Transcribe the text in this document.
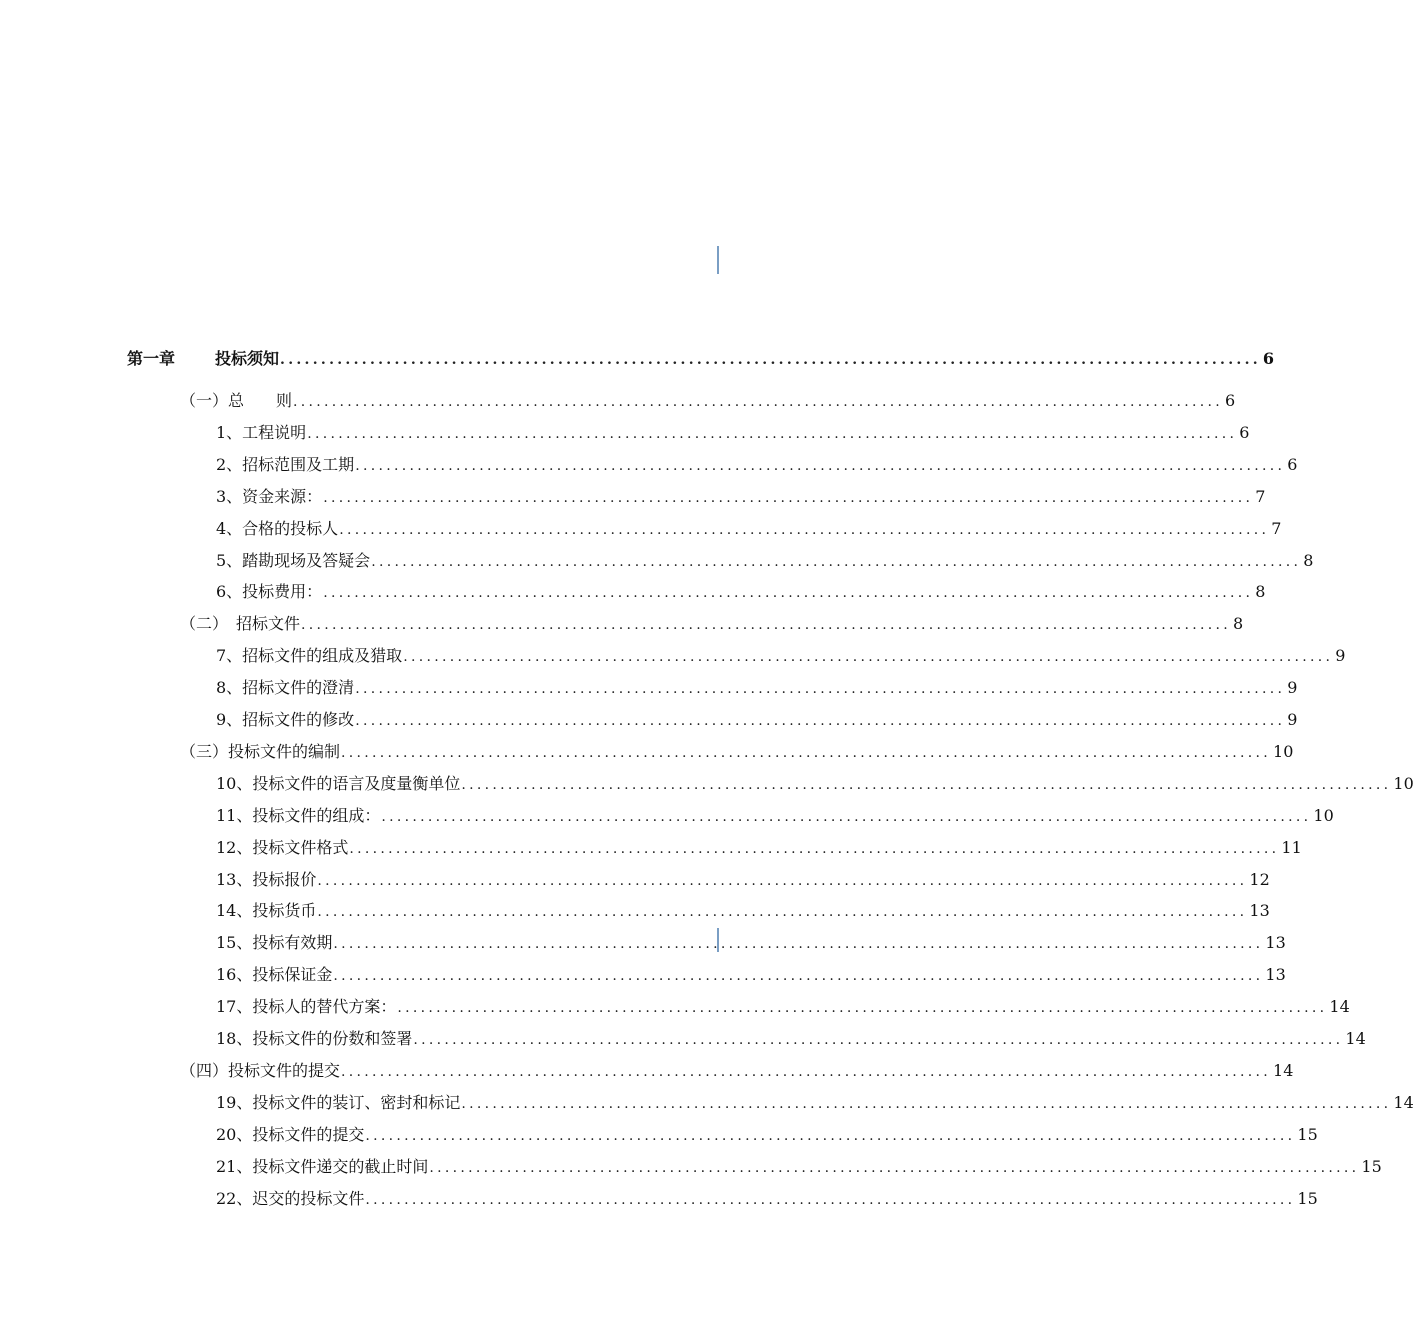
第一章	投标须知 ........................................................................................................................ 6
（一）总　　则 ........................................................................................................................ 6
1、工程说明 ........................................................................................................................ 6
2、招标范围及工期 ........................................................................................................................ 6
3、资金来源： ........................................................................................................................ 7
4、合格的投标人 ........................................................................................................................ 7
5、踏勘现场及答疑会 ........................................................................................................................ 8
6、投标费用： ........................................................................................................................ 8
（二）　招标文件 ........................................................................................................................ 8
7、招标文件的组成及猎取 ........................................................................................................................ 9
8、招标文件的澄清 ........................................................................................................................ 9
9、招标文件的修改 ........................................................................................................................ 9
（三）投标文件的编制 ........................................................................................................................ 10
10、投标文件的语言及度量衡单位 ........................................................................................................................ 10
11、投标文件的组成： ........................................................................................................................ 10
12、投标文件格式 ........................................................................................................................ 11
13、投标报价 ........................................................................................................................ 12
14、投标货币 ........................................................................................................................ 13
15、投标有效期 ........................................................................................................................ 13
16、投标保证金 ........................................................................................................................ 13
17、投标人的替代方案： ........................................................................................................................ 14
18、投标文件的份数和签署 ........................................................................................................................ 14
（四）投标文件的提交 ........................................................................................................................ 14
19、投标文件的装订、密封和标记 ........................................................................................................................ 14
20、投标文件的提交 ........................................................................................................................ 15
21、投标文件递交的截止时间 ........................................................................................................................ 15
22、迟交的投标文件 ........................................................................................................................ 15
